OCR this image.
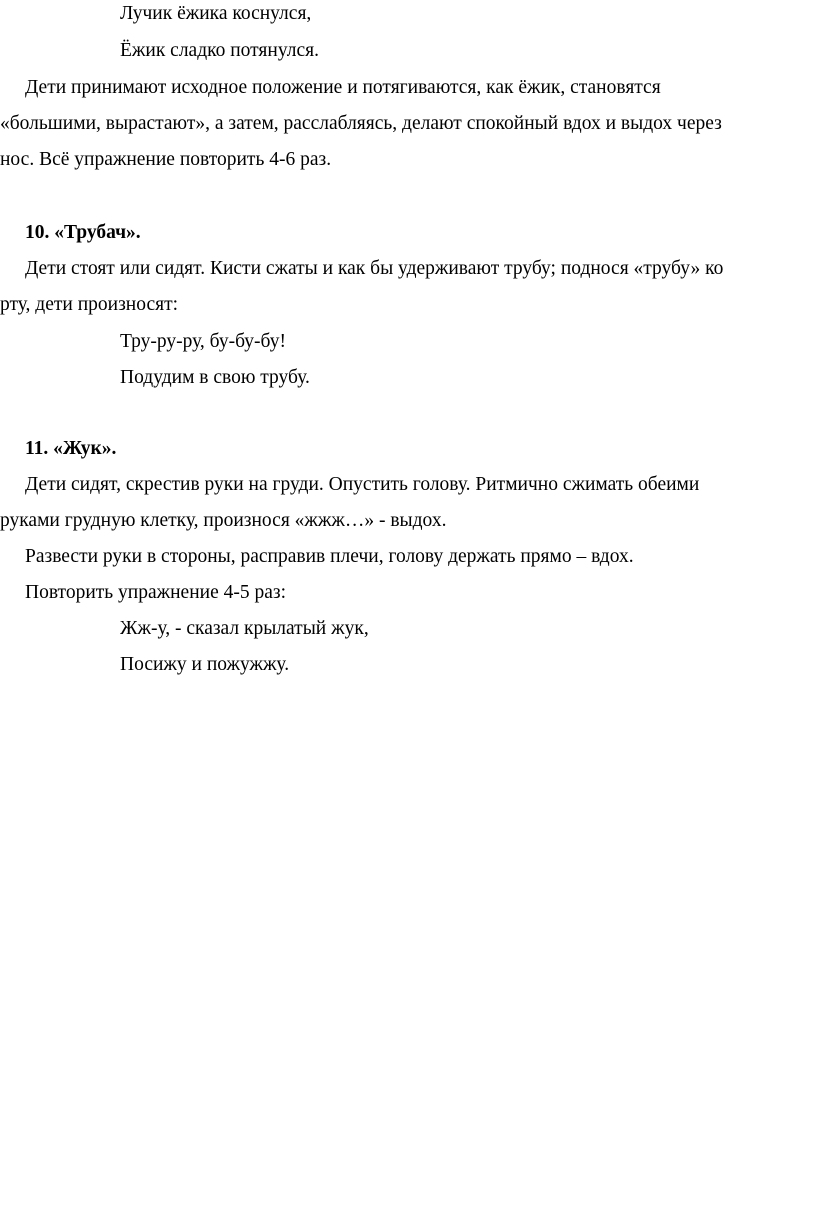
Лучик ёжика коснулся,
Ёжик сладко потянулся.
Дети принимают исходное положение и потягиваются, как ёжик, становятся
«большими, вырастают», а затем, расслабляясь, делают спокойный вдох и выдох через
нос. Всё упражнение повторить 4-6 раз.
10. «Трубач».
Дети стоят или сидят. Кисти сжаты и как бы удерживают трубу; поднося «трубу» ко
рту, дети произносят:
Тру-ру-ру, бу-бу-бу!
Подудим в свою трубу.
11. «Жук».
Дети сидят, скрестив руки на груди. Опустить голову. Ритмично сжимать обеими
руками грудную клетку, произнося «жжж…» - выдох.
Развести руки в стороны, расправив плечи, голову держать прямо – вдох.
Повторить упражнение 4-5 раз:
Жж-у, - сказал крылатый жук,
Посижу и пожужжу.
